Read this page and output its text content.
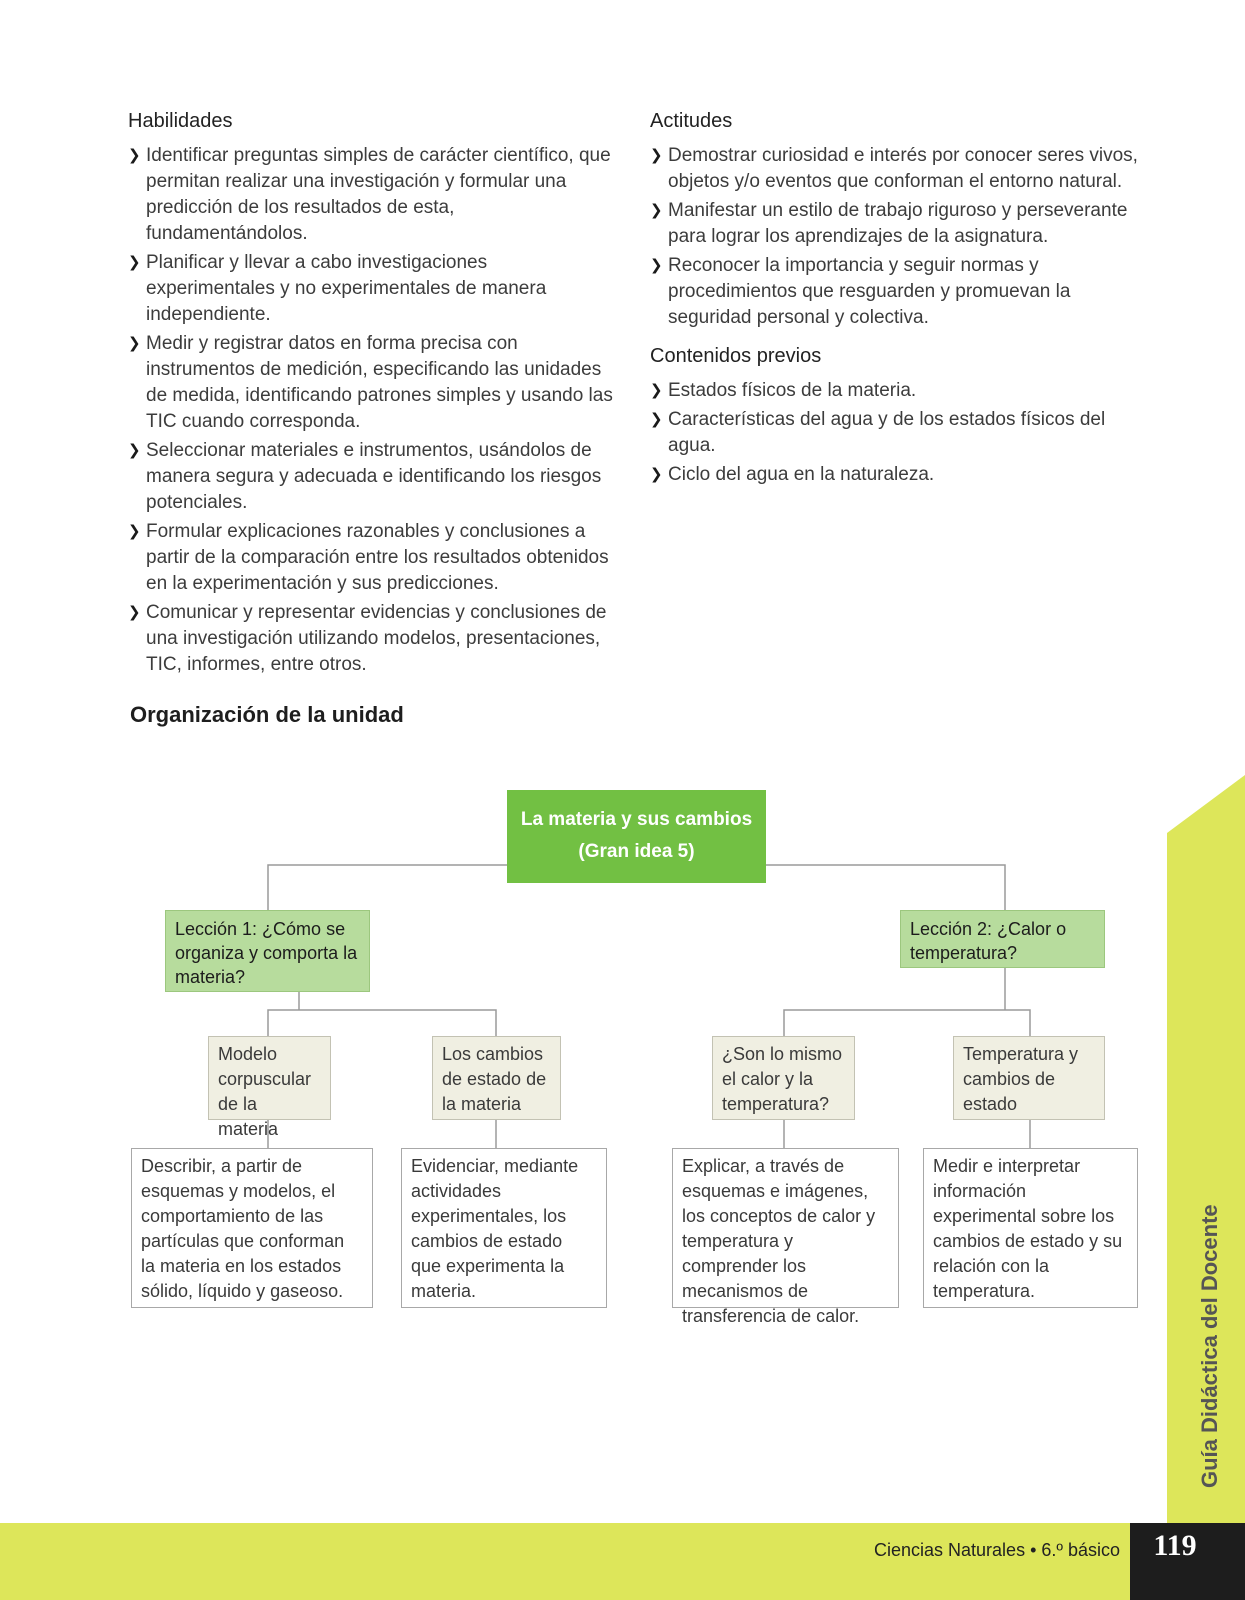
Habilidades
❯ Identificar preguntas simples de carácter científico, que permitan realizar una investigación y formular una predicción de los resultados de esta, fundamentándolos.
❯ Planificar y llevar a cabo investigaciones experimentales y no experimentales de manera independiente.
❯ Medir y registrar datos en forma precisa con instrumentos de medición, especificando las unidades de medida, identificando patrones simples y usando las TIC cuando corresponda.
❯ Seleccionar materiales e instrumentos, usándolos de manera segura y adecuada e identificando los riesgos potenciales.
❯ Formular explicaciones razonables y conclusiones a partir de la comparación entre los resultados obtenidos en la experimentación y sus predicciones.
❯ Comunicar y representar evidencias y conclusiones de una investigación utilizando modelos, presentaciones, TIC, informes, entre otros.
Actitudes
❯ Demostrar curiosidad e interés por conocer seres vivos, objetos y/o eventos que conforman el entorno natural.
❯ Manifestar un estilo de trabajo riguroso y perseverante para lograr los aprendizajes de la asignatura.
❯ Reconocer la importancia y seguir normas y procedimientos que resguarden y promuevan la seguridad personal y colectiva.
Contenidos previos
❯ Estados físicos de la materia.
❯ Características del agua y de los estados físicos del agua.
❯ Ciclo del agua en la naturaleza.
Organización de la unidad
La materia y sus cambios
(Gran idea 5)
Lección 1: ¿Cómo se organiza y comporta la materia?
Lección 2: ¿Calor o temperatura?
Modelo corpuscular de la materia
Los cambios de estado de la materia
¿Son lo mismo el calor y la temperatura?
Temperatura y cambios de estado
Describir, a partir de esquemas y modelos, el comportamiento de las partículas que conforman la materia en los estados sólido, líquido y gaseoso.
Evidenciar, mediante actividades experimentales, los cambios de estado que experimenta la materia.
Explicar, a través de esquemas e imágenes, los conceptos de calor y temperatura y comprender los mecanismos de transferencia de calor.
Medir e interpretar información experimental sobre los cambios de estado y su relación con la temperatura.	Guía Didáctica del Docente
Ciencias Naturales • 6.º básico	119
